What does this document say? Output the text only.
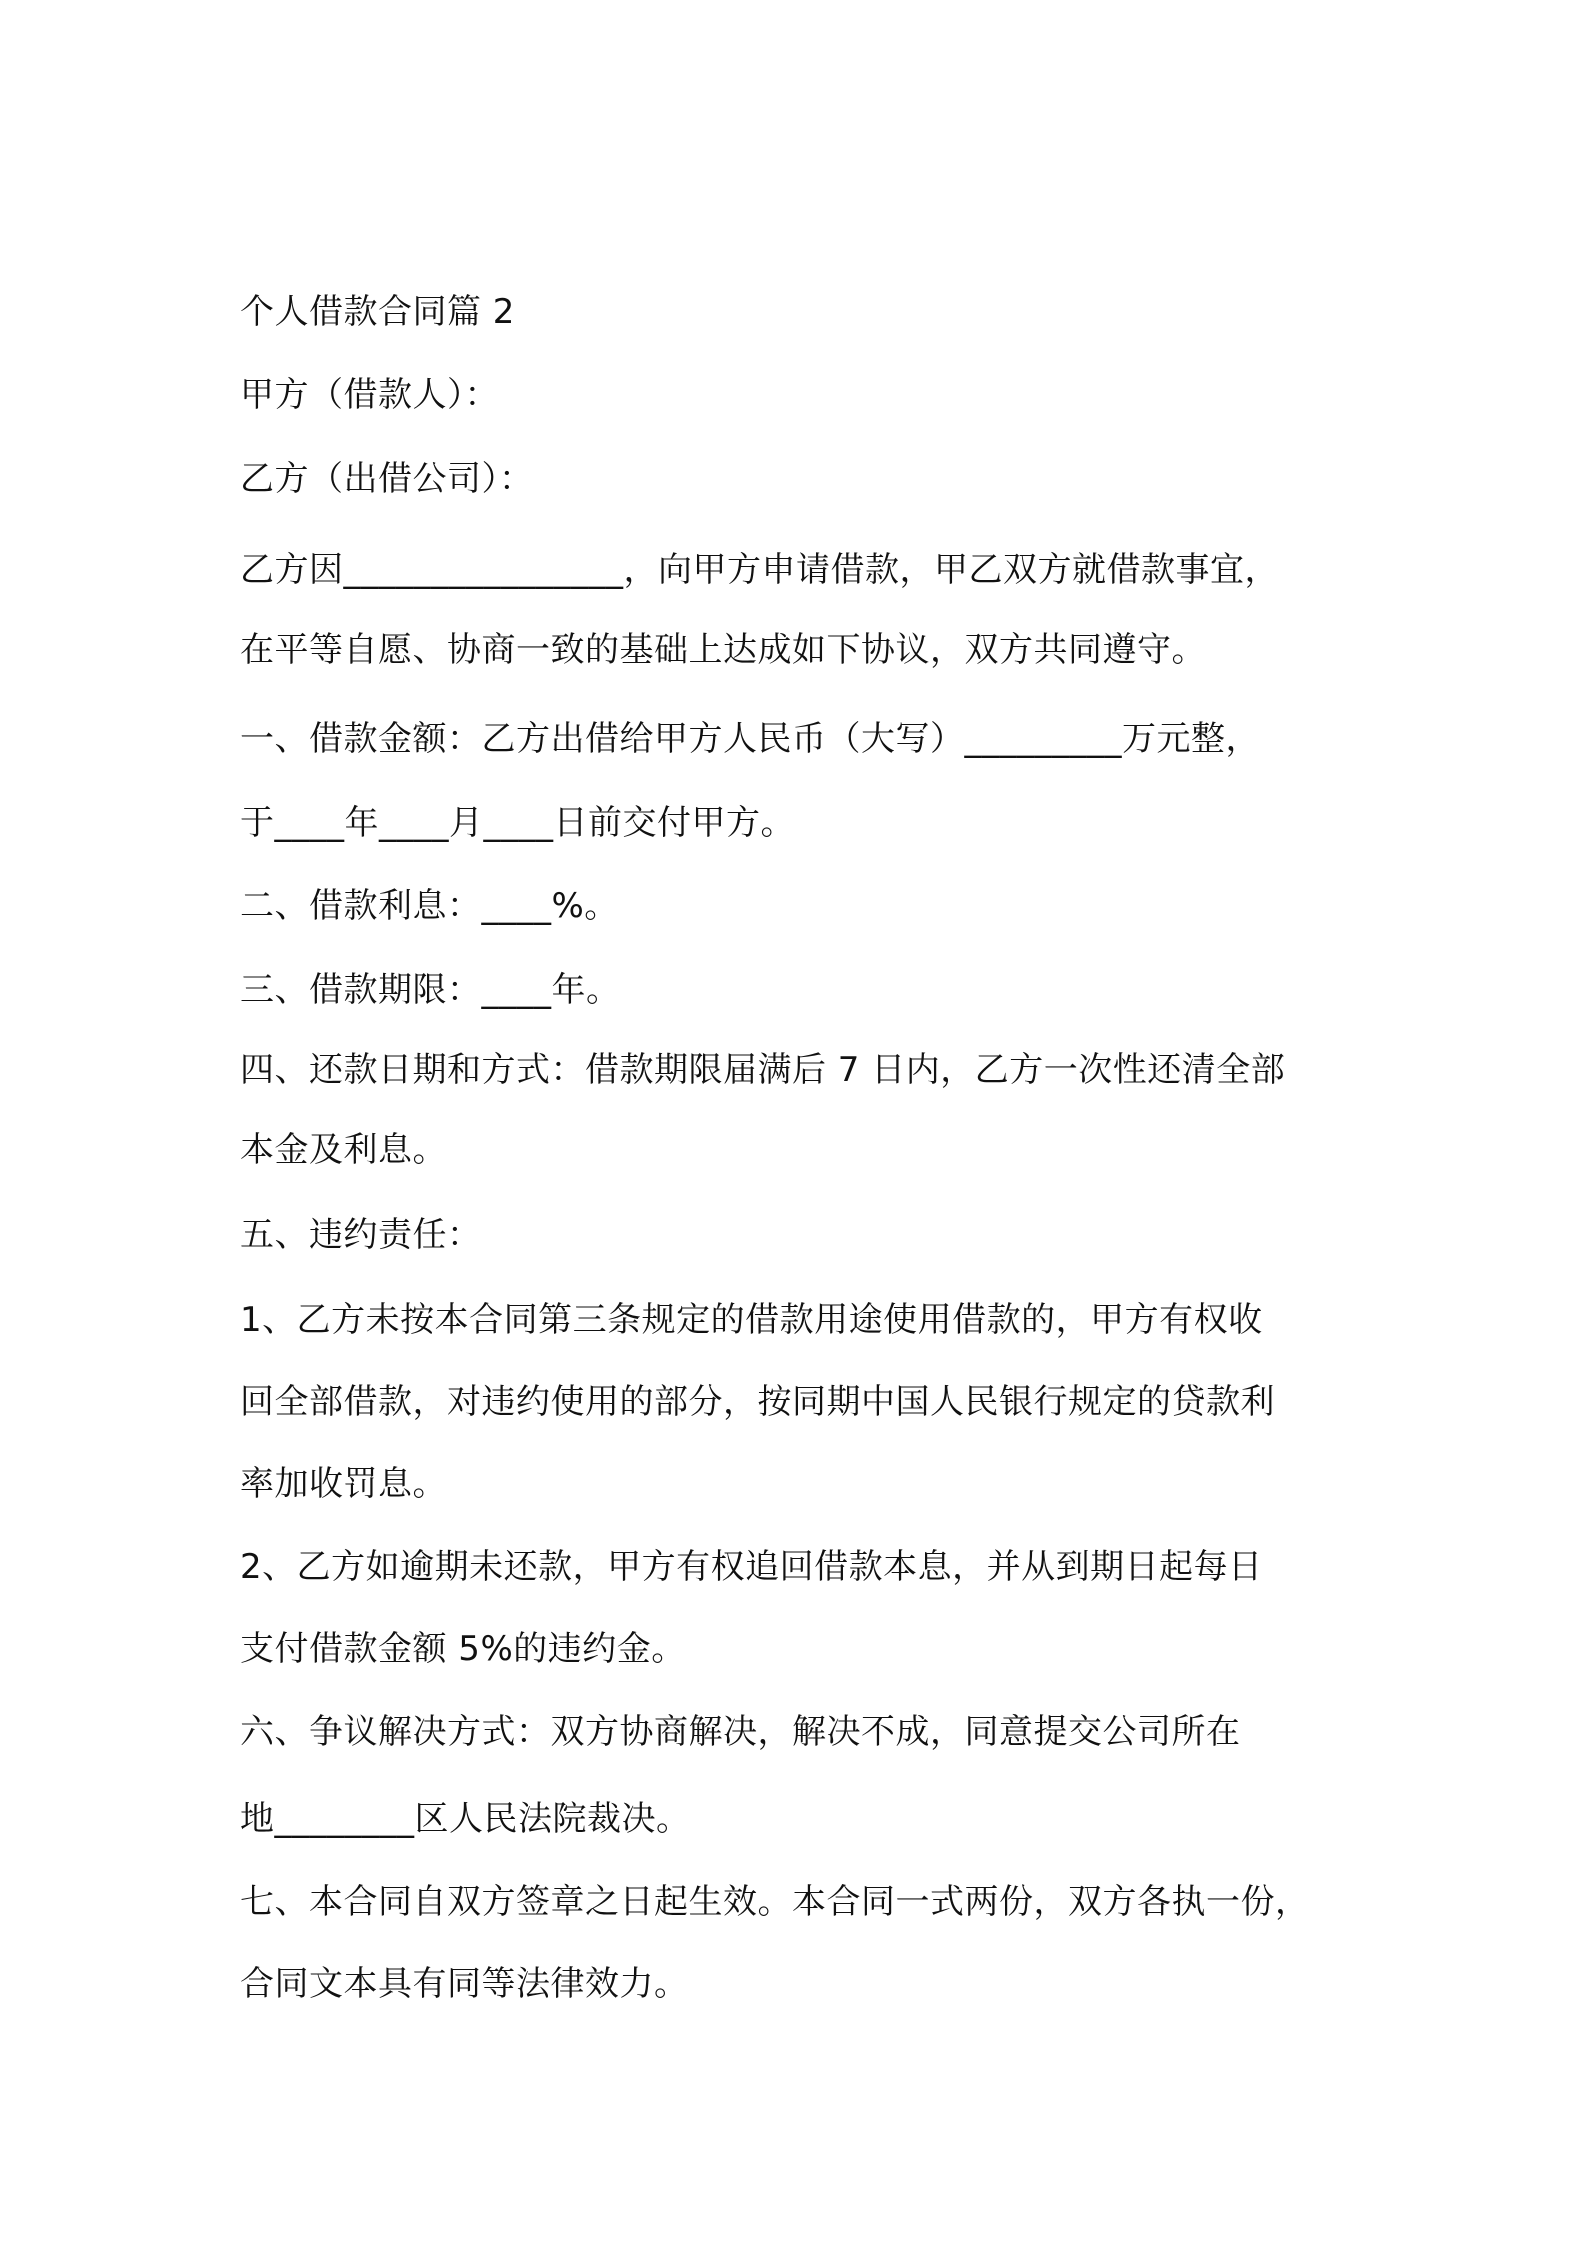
个人借款合同篇 2

甲方（借款人）：

乙方（出借公司）：

乙方因________________，向甲方申请借款，甲乙双方就借款事宜，

在平等自愿、协商一致的基础上达成如下协议，双方共同遵守。

一、借款金额：乙方出借给甲方人民币（大写）_________万元整，

于____年____月____日前交付甲方。

二、借款利息：____%。

三、借款期限：____年。

四、还款日期和方式：借款期限届满后 7 日内，乙方一次性还清全部

本金及利息。

五、违约责任：

1、乙方未按本合同第三条规定的借款用途使用借款的，甲方有权收

回全部借款，对违约使用的部分，按同期中国人民银行规定的贷款利

率加收罚息。

2、乙方如逾期未还款，甲方有权追回借款本息，并从到期日起每日

支付借款金额 5%的违约金。

六、争议解决方式：双方协商解决，解决不成，同意提交公司所在

地________区人民法院裁决。

七、本合同自双方签章之日起生效。本合同一式两份，双方各执一份，

合同文本具有同等法律效力。
